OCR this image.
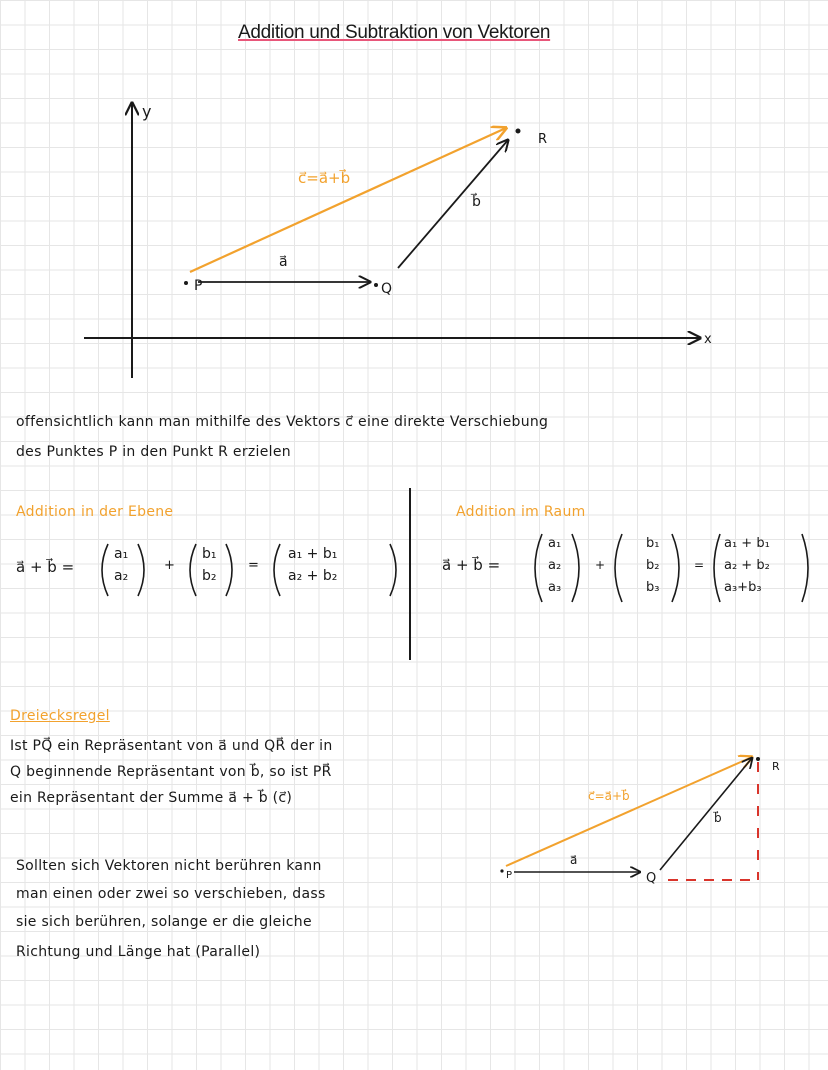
Addition und Subtraktion von Vektoren
y
x
P	Q
R
a⃗
b⃗
c⃗=a⃗+b⃗
offensichtlich kann man mithilfe des Vektors c⃗ eine direkte Verschiebung
des Punktes P in den Punkt R erzielen
Addition in der Ebene
a⃗ + b⃗ =
a₁
a₂
+
b₁
b₂
=
a₁ + b₁
a₂ + b₂
Addition im Raum
a⃗ + b⃗ =
a₁
a₂
a₃
+
b₁
b₂
b₃
=
a₁ + b₁
a₂ + b₂
a₃+b₃
Dreiecksregel
Ist PQ⃗ ein Repräsentant von a⃗ und QR⃗ der in
Q beginnende Repräsentant von b⃗, so ist PR⃗
ein Repräsentant der Summe a⃗ + b⃗ (c⃗)
Sollten sich Vektoren nicht berühren kann
man einen oder zwei so verschieben, dass
sie sich berühren, solange er die gleiche
Richtung und Länge hat (Parallel)
P	Q
R
a⃗
b⃗
c⃗=a⃗+b⃗
